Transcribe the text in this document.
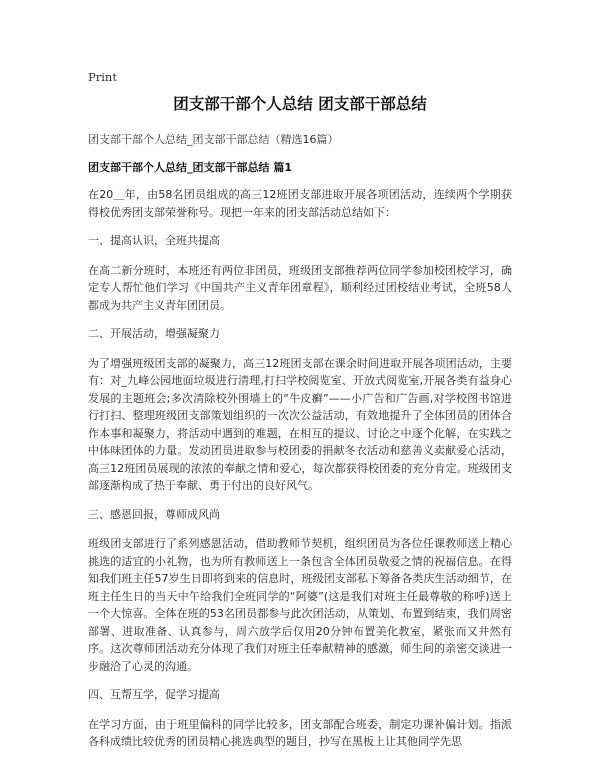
Print
团支部干部个人总结 团支部干部总结
团支部干部个人总结_团支部干部总结（精选16篇）
团支部干部个人总结_团支部干部总结 篇1

在20＿年，由58名团员组成的高三12班团支部进取开展各项团活动，连续两个学期获得校优秀团支部荣誉称号。现把一年来的团支部活动总结如下：

一、提高认识，全班共提高

在高二新分班时，本班还有两位非团员，班级团支部推荐两位同学参加校团校学习，确定专人帮忙他们学习《中国共产主义青年团章程》，顺利经过团校结业考试，全班58人都成为共产主义青年团团员。

二、开展活动，增强凝聚力

为了增强班级团支部的凝聚力，高三12班团支部在课余时间进取开展各项团活动，主要有：对_九峰公园地面垃圾进行清理,打扫学校阅览室、开放式阅览室,开展各类有益身心发展的主题班会;多次清除校外围墙上的“牛皮癣”——小广告和广告画,对学校图书馆进行打扫、整理班级团支部策划组织的一次次公益活动，有效地提升了全体团员的团体合作本事和凝聚力，将活动中遇到的难题，在相互的提议、讨论之中逐个化解，在实践之中体味团体的力量。发动团员进取参与校团委的捐献冬衣活动和慈善义卖献爱心活动，高三12班团员展现的浓浓的奉献之情和爱心，每次都获得校团委的充分肯定。班级团支部逐渐构成了热于奉献、勇于付出的良好风气。

三、感恩回报，尊师成风尚

班级团支部进行了系列感恩活动，借助教师节契机，组织团员为各位任课教师送上精心挑选的适宜的小礼物，也为所有教师送上一条包含全体团员敬爱之情的祝福信息。在得知我们班主任57岁生日即将到来的信息时，班级团支部私下筹备各类庆生活动细节，在班主任生日的当天中午给我们全班同学的“阿婆”(这是我们对班主任最尊敬的称呼)送上一个大惊喜。全体在班的53名团员都参与此次团活动，从策划、布置到结束，我们周密部署、进取准备、认真参与，周六放学后仅用20分钟布置美化教室，紧张而又井然有序。这次尊师团活动充分体现了我们对班主任奉献精神的感激，师生间的亲密交谈进一步融洽了心灵的沟通。

四、互帮互学，促学习提高

在学习方面，由于班里偏科的同学比较多，团支部配合班委，制定功课补偏计划。指派各科成绩比较优秀的团员精心挑选典型的题目，抄写在黑板上让其他同学先思
